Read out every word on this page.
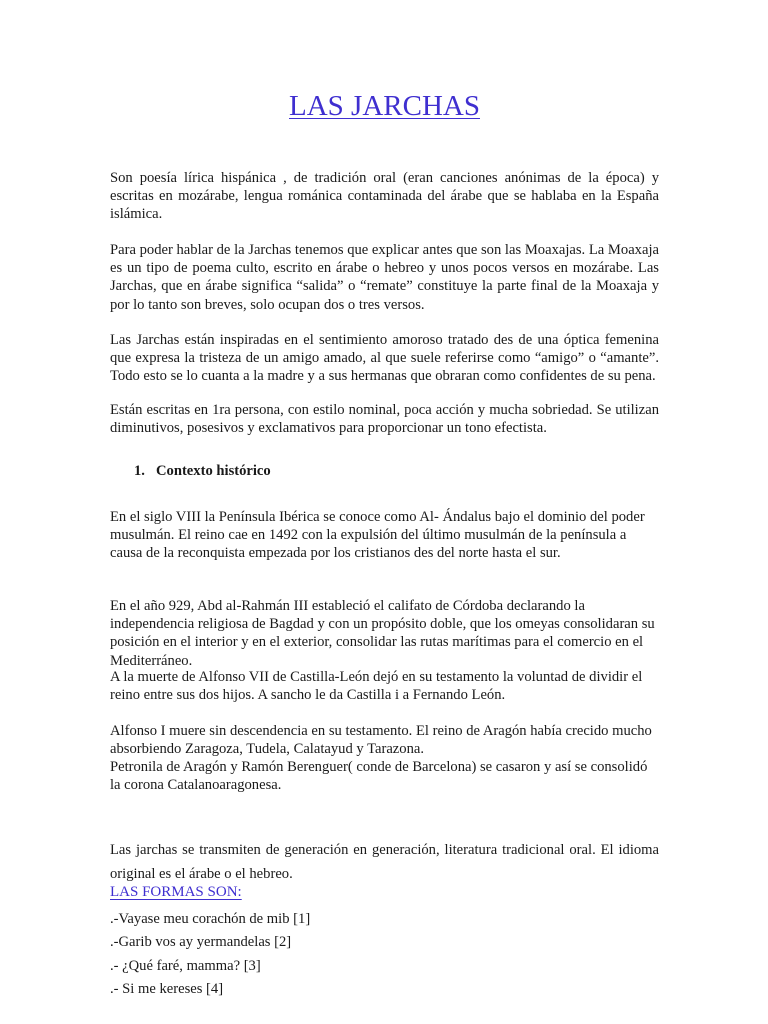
LAS JARCHAS

Son poesía lírica hispánica , de tradición oral (eran canciones anónimas de la época) y escritas en mozárabe, lengua románica contaminada del árabe que se hablaba en la España islámica.

Para poder hablar de la Jarchas tenemos que explicar antes que son las Moaxajas. La Moaxaja es un tipo de poema culto, escrito en árabe o hebreo y unos pocos versos en mozárabe. Las Jarchas, que en árabe significa “salida” o “remate” constituye la parte final de la Moaxaja y por lo tanto son breves, solo ocupan dos o tres versos.

Las Jarchas están inspiradas en el sentimiento amoroso tratado des de una óptica femenina que expresa la tristeza de un amigo amado, al que suele referirse como “amigo” o “amante”. Todo esto se lo cuanta a la madre y a sus hermanas que obraran como confidentes de su pena.

Están escritas en 1ra persona, con estilo nominal, poca acción y mucha sobriedad. Se utilizan diminutivos, posesivos y exclamativos para proporcionar un tono efectista.

1. Contexto histórico

En el siglo VIII la Península Ibérica se conoce como Al- Ándalus bajo el dominio del poder musulmán. El reino cae en 1492 con la expulsión del último musulmán de la península a causa de la reconquista empezada por los cristianos des del norte hasta el sur.

En el año 929, Abd al-Rahmán III estableció el califato de Córdoba declarando la independencia religiosa de Bagdad y con un propósito doble, que los omeyas consolidaran su posición en el interior y en el exterior, consolidar las rutas marítimas para el comercio en el Mediterráneo.

A la muerte de Alfonso VII de Castilla-León dejó en su testamento la voluntad de dividir el reino entre sus dos hijos. A sancho le da Castilla i a Fernando León.

Alfonso I muere sin descendencia en su testamento. El reino de Aragón había crecido mucho absorbiendo Zaragoza, Tudela, Calatayud y Tarazona.

Petronila de Aragón y Ramón Berenguer( conde de Barcelona) se casaron y así se consolidó la corona Catalanoaragonesa.

Las jarchas se transmiten de generación en generación, literatura tradicional oral. El idioma original es el árabe o el hebreo.

LAS FORMAS SON:

.-Vayase meu corachón de mib [1]
.-Garib vos ay yermandelas [2]
.- ¿Qué faré, mamma? [3]
.- Si me kereses [4]
